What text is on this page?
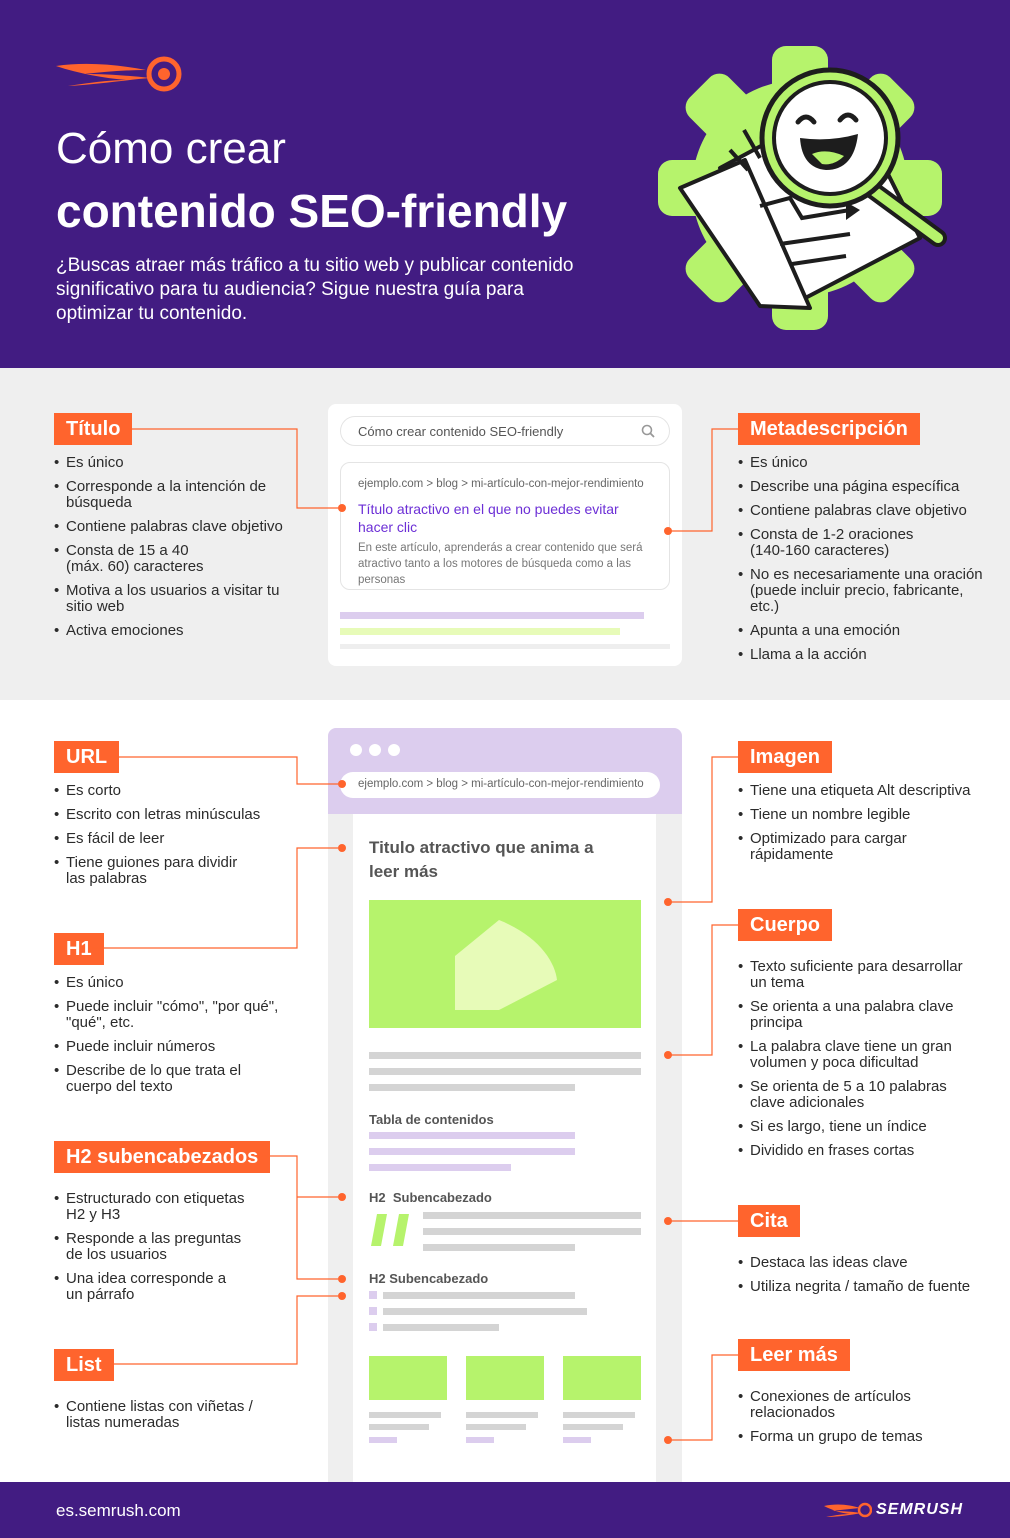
Cómo crear
contenido SEO-friendly
¿Buscas atraer más tráfico a tu sitio web y publicar contenido significativo para tu audiencia? Sigue nuestra guía para optimizar tu contenido.
Cómo crear contenido SEO-friendly
ejemplo.com > blog > mi-artículo-con-mejor-rendimiento
Título atractivo en el que no puedes evitar hacer clic
En este artículo, aprenderás a crear contenido que será atractivo tanto a los motores de búsqueda como a las personas
Título
• Es único
• Corresponde a la intención de búsqueda
• Contiene palabras clave objetivo
• Consta de 15 a 40 (máx. 60) caracteres
• Motiva a los usuarios a visitar tu sitio web
• Activa emociones
Metadescripción
• Es único
• Describe una página específica
• Contiene palabras clave objetivo
• Consta de 1-2 oraciones (140-160 caracteres)
• No es necesariamente una oración (puede incluir precio, fabricante, etc.)
• Apunta a una emoción
• Llama a la acción
ejemplo.com > blog > mi-artículo-con-mejor-rendimiento
Titulo atractivo que anima a leer más
Tabla de contenidos
H2 Subencabezado
H2 Subencabezado
URL
• Es corto
• Escrito con letras minúsculas
• Es fácil de leer
• Tiene guiones para dividir las palabras
H1
• Es único
• Puede incluir "cómo", "por qué", "qué", etc.
• Puede incluir números
• Describe de lo que trata el cuerpo del texto
H2 subencabezados
• Estructurado con etiquetas H2 y H3
• Responde a las preguntas de los usuarios
• Una idea corresponde a un párrafo
List
• Contiene listas con viñetas / listas numeradas
Imagen
• Tiene una etiqueta Alt descriptiva
• Tiene un nombre legible
• Optimizado para cargar rápidamente
Cuerpo
• Texto suficiente para desarrollar un tema
• Se orienta a una palabra clave principa
• La palabra clave tiene un gran volumen y poca dificultad
• Se orienta de 5 a 10 palabras clave adicionales
• Si es largo, tiene un índice
• Dividido en frases cortas
Cita
• Destaca las ideas clave
• Utiliza negrita / tamaño de fuente
Leer más
• Conexiones de artículos relacionados
• Forma un grupo de temas
es.semrush.com	SEMRUSH
